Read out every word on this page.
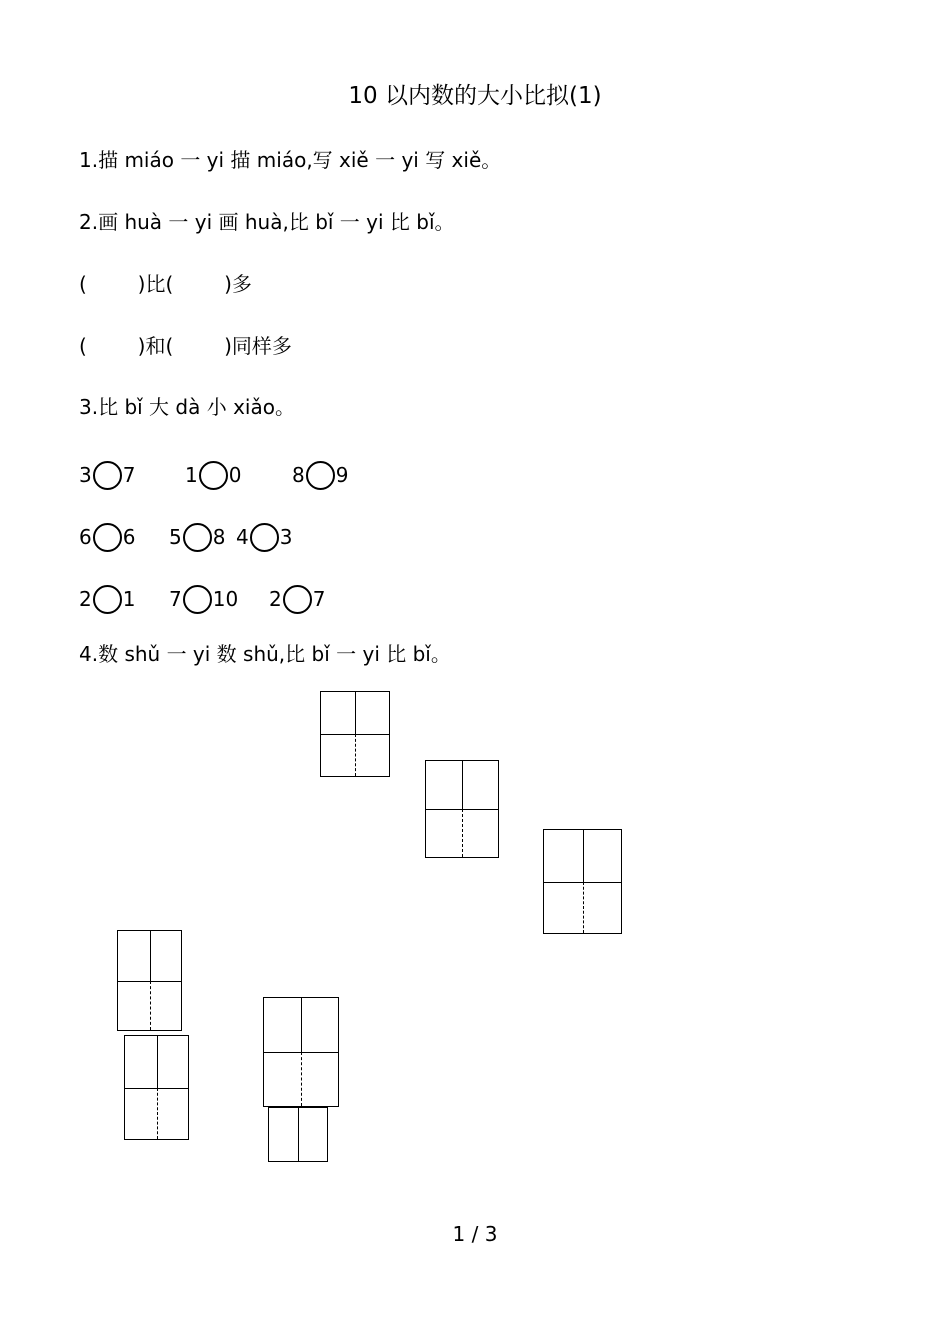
10 以内数的大小比拟(1)
1.描 miáo 一 yi 描 miáo,写 xiě 一 yi 写 xiě。
2.画 huà 一 yi 画 huà,比 bǐ 一 yi 比 bǐ。
(        )比(        )多
(        )和(        )同样多
3.比 bǐ 大 dà 小 xiǎo。
3 7 1 0	8 9
6 6 5 8 4 3
2 1 7 10 2 7
4.数 shǔ 一 yi 数 shǔ,比 bǐ 一 yi 比 bǐ。
1 / 3
